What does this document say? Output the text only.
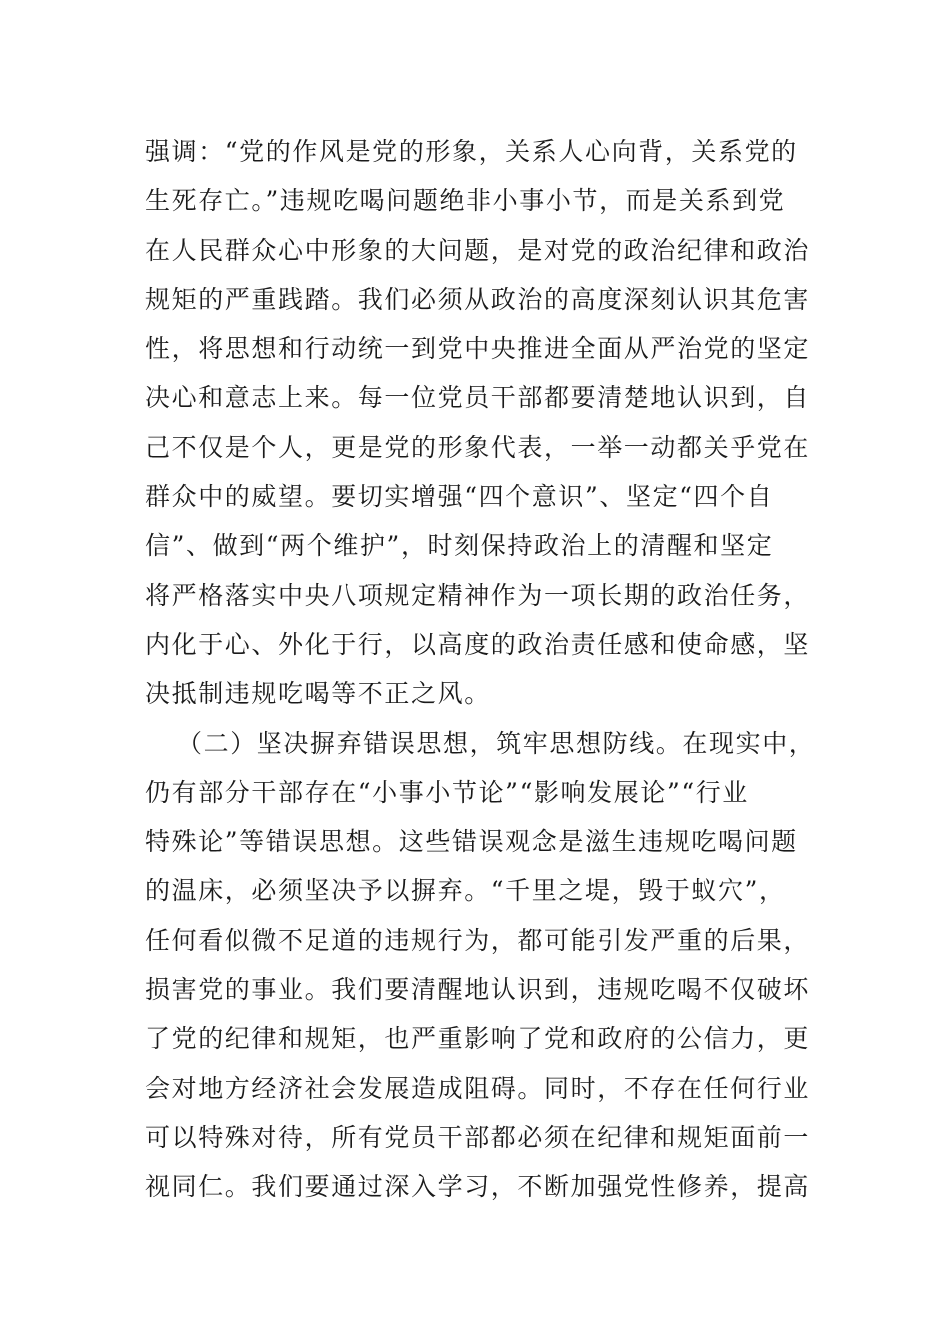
强调：“党的作风是党的形象，关系人心向背，关系党的
生死存亡。”违规吃喝问题绝非小事小节，而是关系到党
在人民群众心中形象的大问题，是对党的政治纪律和政治
规矩的严重践踏。我们必须从政治的高度深刻认识其危害
性，将思想和行动统一到党中央推进全面从严治党的坚定
决心和意志上来。每一位党员干部都要清楚地认识到，自
己不仅是个人，更是党的形象代表，一举一动都关乎党在
群众中的威望。要切实增强“四个意识”、坚定“四个自
信”、做到“两个维护”，时刻保持政治上的清醒和坚定
将严格落实中央八项规定精神作为一项长期的政治任务，
内化于心、外化于行，以高度的政治责任感和使命感，坚
决抵制违规吃喝等不正之风。
（二）坚决摒弃错误思想，筑牢思想防线。在现实中，
仍有部分干部存在“小事小节论”“影响发展论”“行业
特殊论”等错误思想。这些错误观念是滋生违规吃喝问题
的温床，必须坚决予以摒弃。“千里之堤，毁于蚁穴”，
任何看似微不足道的违规行为，都可能引发严重的后果，
损害党的事业。我们要清醒地认识到，违规吃喝不仅破坏
了党的纪律和规矩，也严重影响了党和政府的公信力，更
会对地方经济社会发展造成阻碍。同时，不存在任何行业
可以特殊对待，所有党员干部都必须在纪律和规矩面前一
视同仁。我们要通过深入学习，不断加强党性修养，提高
